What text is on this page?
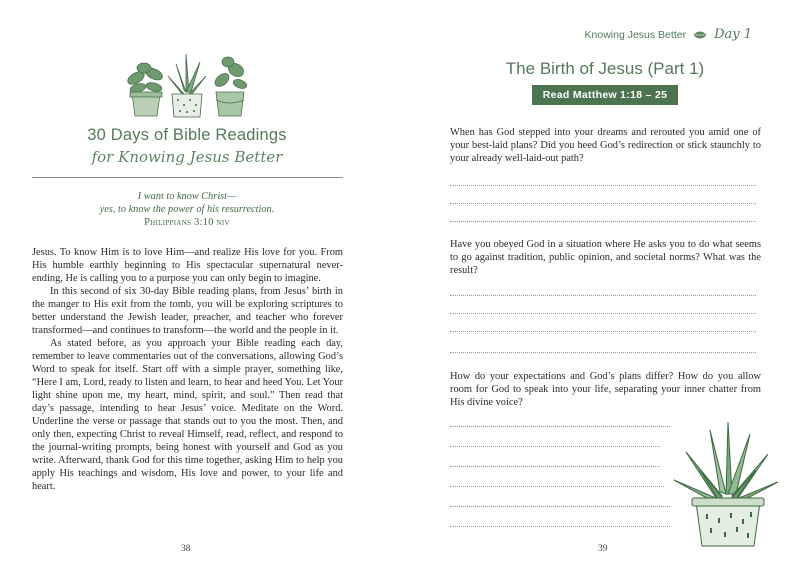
30 Days of Bible Readings
for Knowing Jesus Better
I want to know Christ—
yes, to know the power of his resurrection.
Philippians 3:10 niv

Jesus. To know Him is to love Him—and realize His love for you. From His humble earthly beginning to His spectacular supernatural never-ending, He is calling you to a purpose you can only begin to imagine.

In this second of six 30-day Bible reading plans, from Jesus’ birth in the manger to His exit from the tomb, you will be exploring scriptures to better understand the Jewish leader, preacher, and teacher who forever transformed—and continues to transform—the world and the people in it.

As stated before, as you approach your Bible reading each day, remember to leave commentaries out of the conversations, allowing God’s Word to speak for itself. Start off with a simple prayer, something like, “Here I am, Lord, ready to listen and learn, to hear and heed You. Let Your light shine upon me, my heart, mind, spirit, and soul.” Then read that day’s passage, intending to hear Jesus’ voice. Meditate on the Word. Underline the verse or passage that stands out to you the most. Then, and only then, expecting Christ to reveal Himself, read, reflect, and respond to the journal-writing prompts, being honest with yourself and God as you write. Afterward, thank God for this time together, asking Him to help you apply His teachings and wisdom, His love and power, to your life and heart.

38
Knowing Jesus Better Day 1
The Birth of Jesus (Part 1)
Read Matthew 1:18 – 25

When has God stepped into your dreams and rerouted you amid one of your best-laid plans? Did you heed God’s redirection or stick staunchly to your already well-laid-out path?

Have you obeyed God in a situation where He asks you to do what seems to go against tradition, public opinion, and societal norms? What was the result?

How do your expectations and God’s plans differ? How do you allow room for God to speak into your life, separating your inner chatter from His divine voice?

39
